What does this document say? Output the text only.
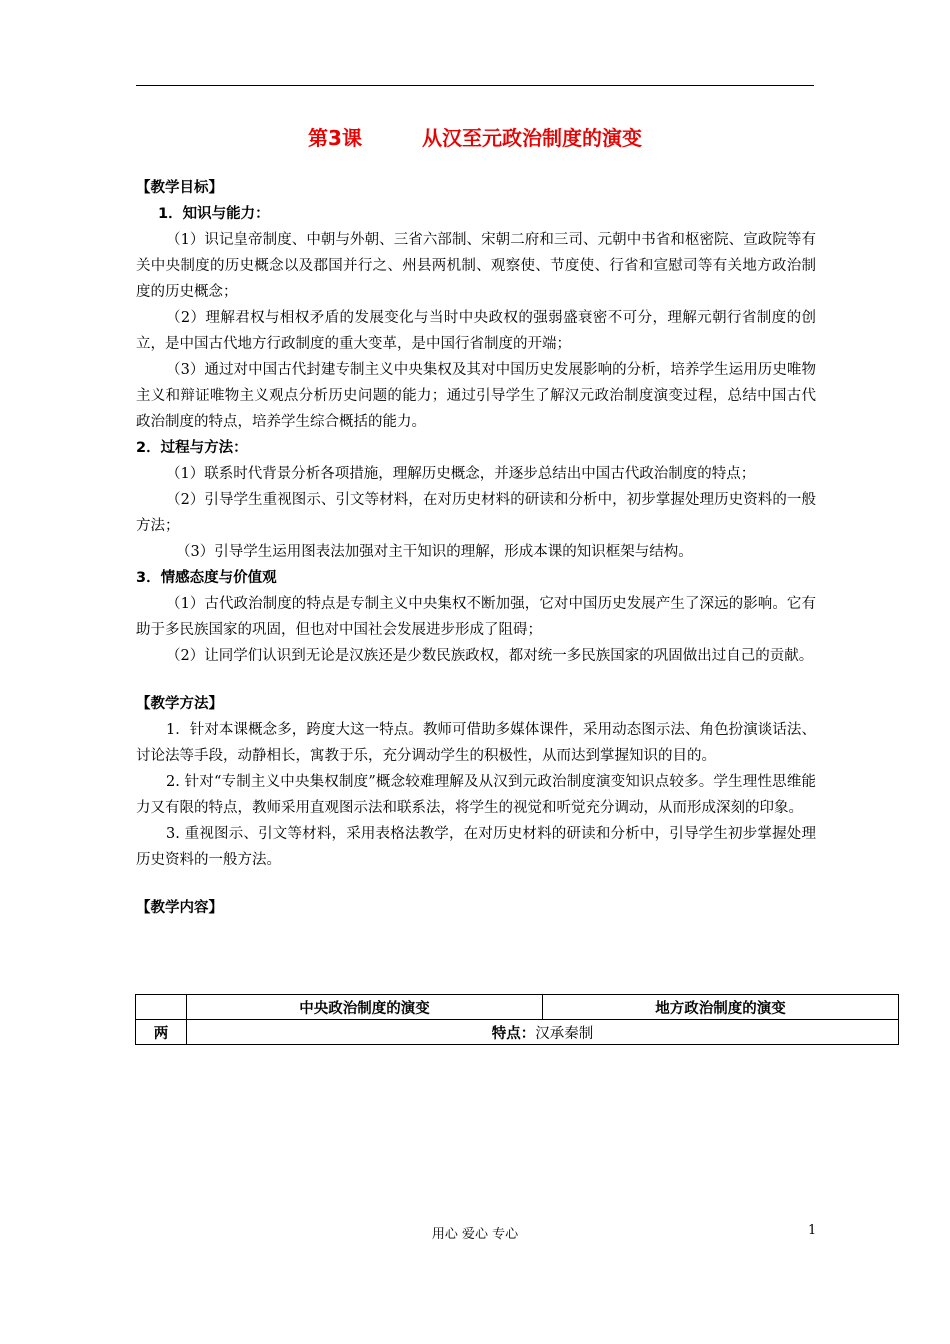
第3课	从汉至元政治制度的演变
【教学目标】
1．知识与能力：

（1）识记皇帝制度、中朝与外朝、三省六部制、宋朝二府和三司、元朝中书省和枢密院、宣政院等有关中央制度的历史概念以及郡国并行之、州县两机制、观察使、节度使、行省和宣慰司等有关地方政治制度的历史概念；

（2）理解君权与相权矛盾的发展变化与当时中央政权的强弱盛衰密不可分，理解元朝行省制度的创立，是中国古代地方行政制度的重大变革，是中国行省制度的开端；

（3）通过对中国古代封建专制主义中央集权及其对中国历史发展影响的分析，培养学生运用历史唯物主义和辩证唯物主义观点分析历史问题的能力；通过引导学生了解汉元政治制度演变过程，总结中国古代政治制度的特点，培养学生综合概括的能力。

2．过程与方法：

（1）联系时代背景分析各项措施，理解历史概念，并逐步总结出中国古代政治制度的特点；

（2）引导学生重视图示、引文等材料，在对历史材料的研读和分析中，初步掌握处理历史资料的一般方法；

（3）引导学生运用图表法加强对主干知识的理解，形成本课的知识框架与结构。

3．情感态度与价值观

（1）古代政治制度的特点是专制主义中央集权不断加强，它对中国历史发展产生了深远的影响。它有助于多民族国家的巩固，但也对中国社会发展进步形成了阻碍；

（2）让同学们认识到无论是汉族还是少数民族政权，都对统一多民族国家的巩固做出过自己的贡献。

【教学方法】

1．针对本课概念多，跨度大这一特点。教师可借助多媒体课件，采用动态图示法、角色扮演谈话法、讨论法等手段，动静相长，寓教于乐，充分调动学生的积极性，从而达到掌握知识的目的。

2. 针对“专制主义中央集权制度”概念较难理解及从汉到元政治制度演变知识点较多。学生理性思维能力又有限的特点，教师采用直观图示法和联系法，将学生的视觉和听觉充分调动，从而形成深刻的印象。

3. 重视图示、引文等材料，采用表格法教学，在对历史材料的研读和分析中，引导学生初步掌握处理历史资料的一般方法。

【教学内容】
	中央政治制度的演变	地方政治制度的演变
两	特点：汉承秦制	
用心 爱心 专心	1
